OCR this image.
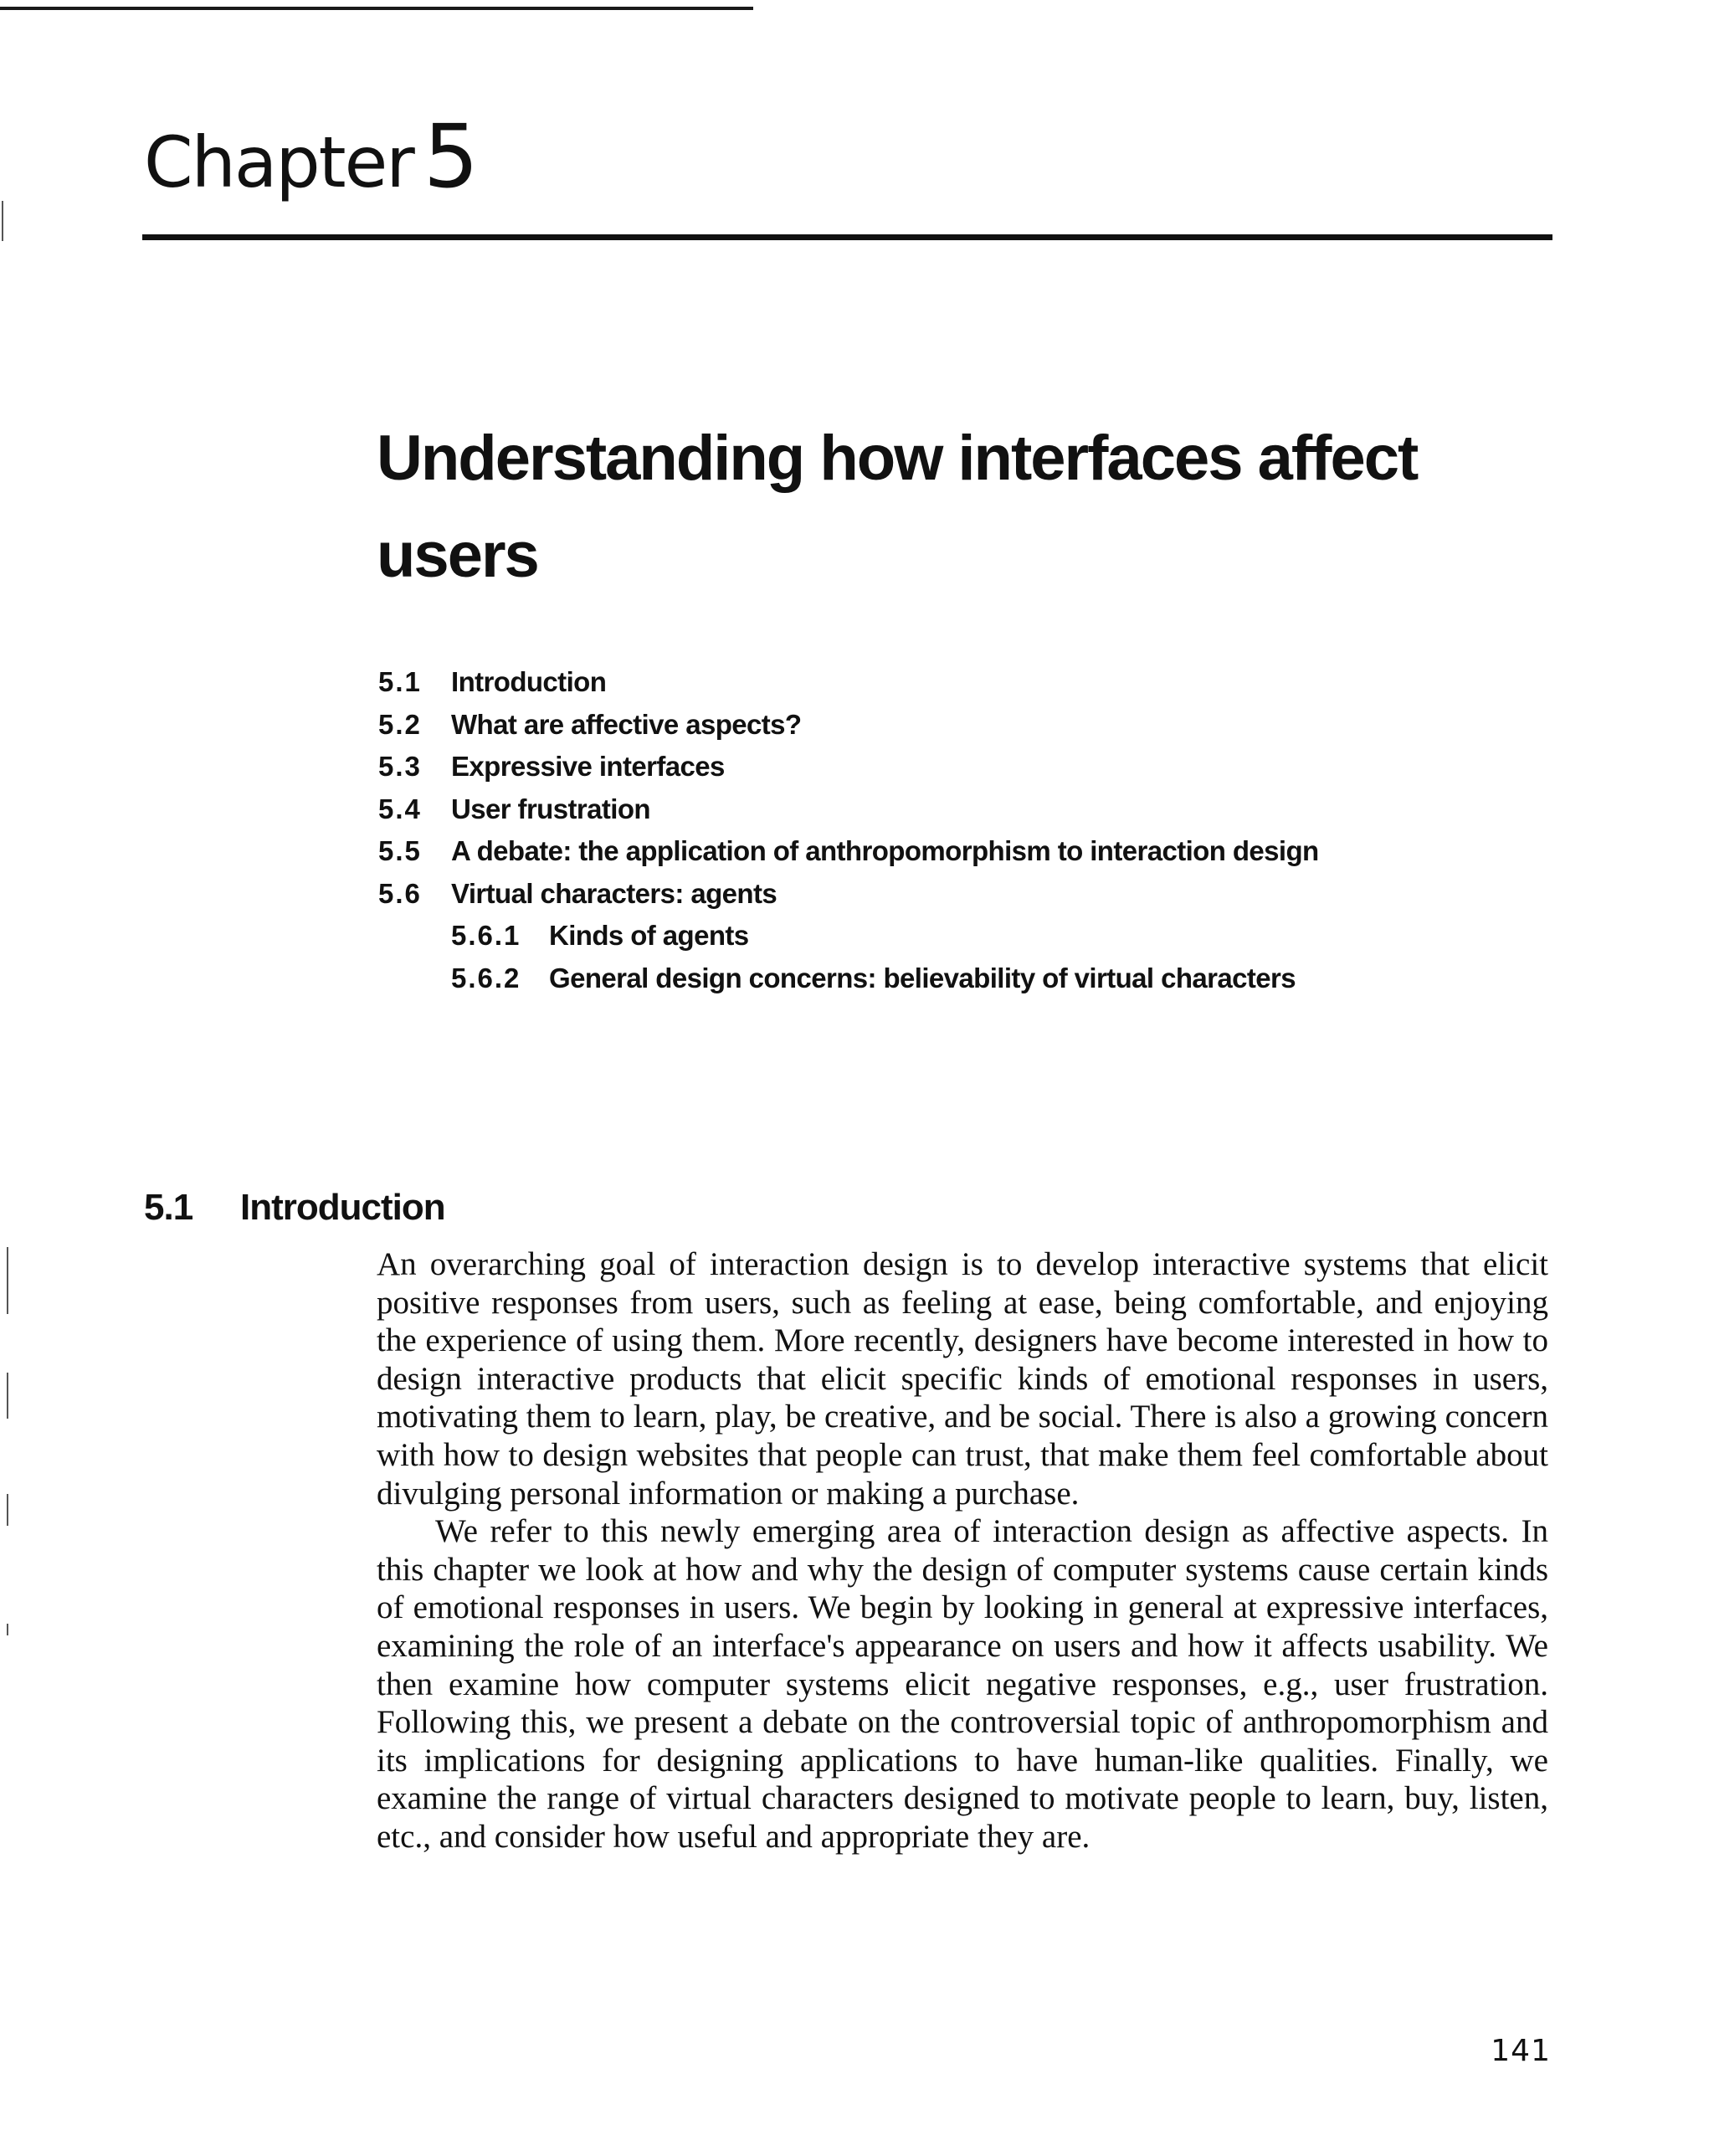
Chapter 5
Understanding how interfaces affect users
5.1	Introduction
5.2	What are affective aspects?
5.3	Expressive interfaces
5.4	User frustration
5.5	A debate: the application of anthropomorphism to interaction design
5.6	Virtual characters: agents
5.6.1	Kinds of agents
5.6.2	General design concerns: believability of virtual characters
5.1 Introduction

An overarching goal of interaction design is to develop interactive systems that elicit positive responses from users, such as feeling at ease, being comfortable, and enjoying the experience of using them. More recently, designers have become interested in how to design interactive products that elicit specific kinds of emotional responses in users, motivating them to learn, play, be creative, and be social. There is also a growing concern with how to design websites that people can trust, that make them feel comfortable about divulging personal information or making a purchase.

We refer to this newly emerging area of interaction design as affective aspects. In this chapter we look at how and why the design of computer systems cause certain kinds of emotional responses in users. We begin by looking in general at expressive interfaces, examining the role of an interface's appearance on users and how it affects usability. We then examine how computer systems elicit negative responses, e.g., user frustration. Following this, we present a debate on the controversial topic of anthropomorphism and its implications for designing applications to have human-like qualities. Finally, we examine the range of virtual characters designed to motivate people to learn, buy, listen, etc., and consider how useful and appropriate they are.

141
